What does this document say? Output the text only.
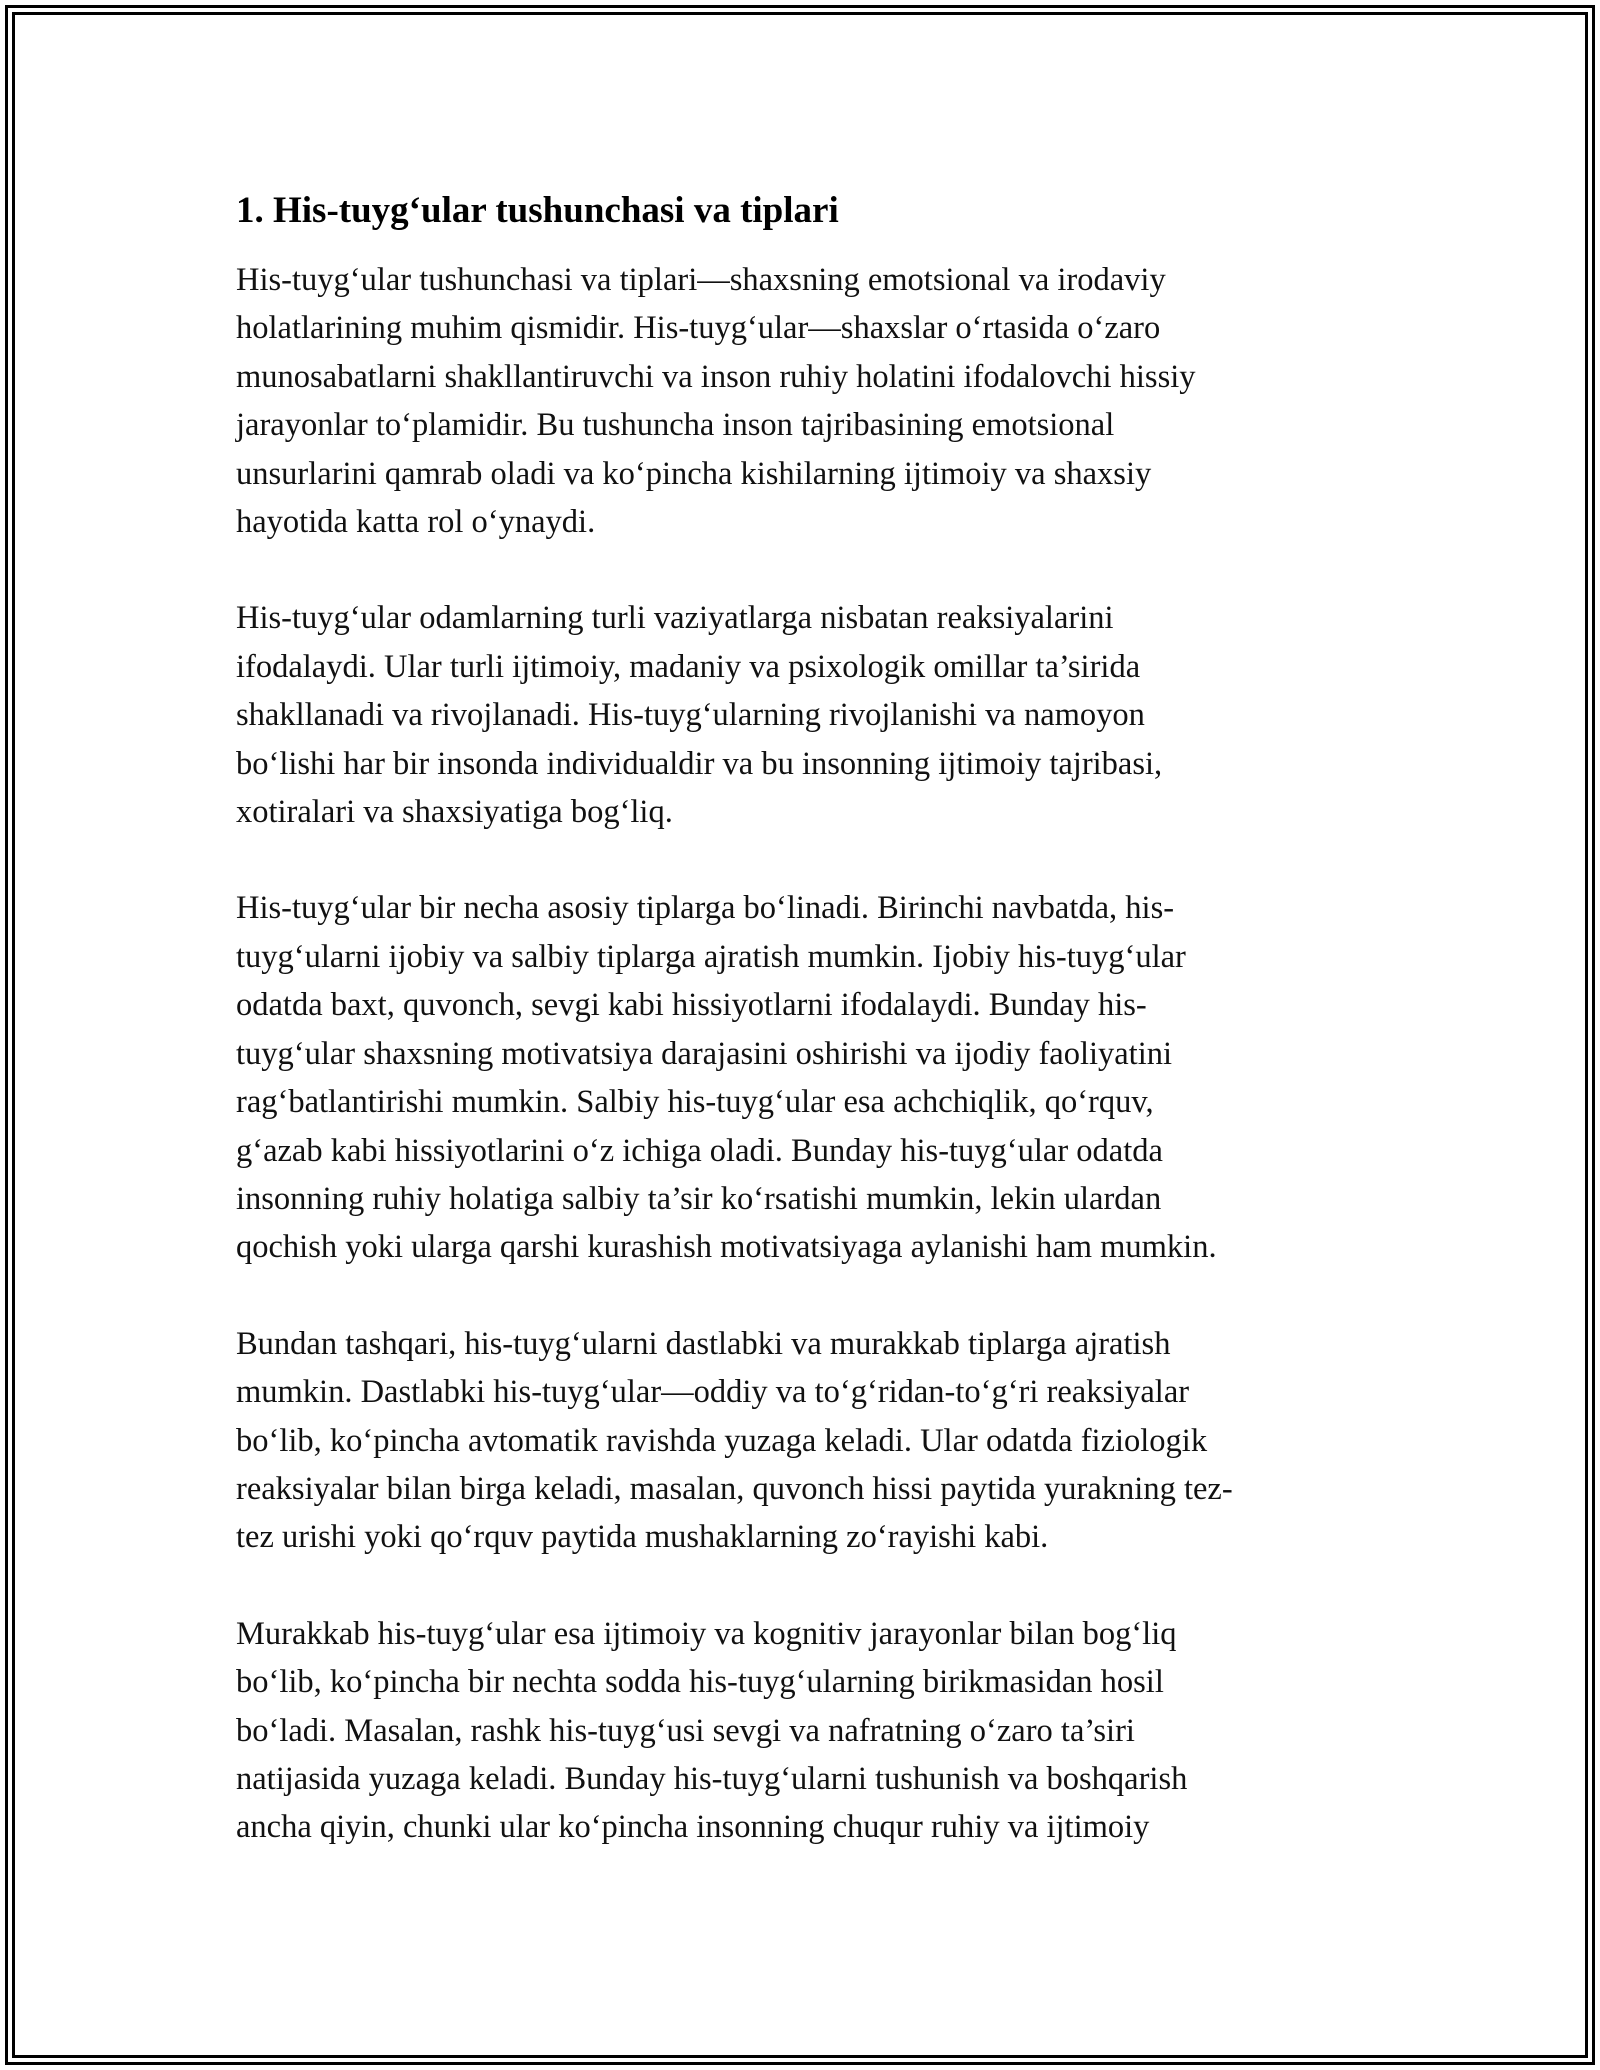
1. His-tuyg‘ular tushunchasi va tiplari
His-tuyg‘ular tushunchasi va tiplari—shaxsning emotsional va irodaviy
holatlarining muhim qismidir. His-tuyg‘ular—shaxslar o‘rtasida o‘zaro
munosabatlarni shakllantiruvchi va inson ruhiy holatini ifodalovchi hissiy
jarayonlar to‘plamidir. Bu tushuncha inson tajribasining emotsional
unsurlarini qamrab oladi va ko‘pincha kishilarning ijtimoiy va shaxsiy
hayotida katta rol o‘ynaydi.
His-tuyg‘ular odamlarning turli vaziyatlarga nisbatan reaksiyalarini
ifodalaydi. Ular turli ijtimoiy, madaniy va psixologik omillar ta’sirida
shakllanadi va rivojlanadi. His-tuyg‘ularning rivojlanishi va namoyon
bo‘lishi har bir insonda individualdir va bu insonning ijtimoiy tajribasi,
xotiralari va shaxsiyatiga bog‘liq.
His-tuyg‘ular bir necha asosiy tiplarga bo‘linadi. Birinchi navbatda, his-
tuyg‘ularni ijobiy va salbiy tiplarga ajratish mumkin. Ijobiy his-tuyg‘ular
odatda baxt, quvonch, sevgi kabi hissiyotlarni ifodalaydi. Bunday his-
tuyg‘ular shaxsning motivatsiya darajasini oshirishi va ijodiy faoliyatini
rag‘batlantirishi mumkin. Salbiy his-tuyg‘ular esa achchiqlik, qo‘rquv,
g‘azab kabi hissiyotlarini o‘z ichiga oladi. Bunday his-tuyg‘ular odatda
insonning ruhiy holatiga salbiy ta’sir ko‘rsatishi mumkin, lekin ulardan
qochish yoki ularga qarshi kurashish motivatsiyaga aylanishi ham mumkin.
Bundan tashqari, his-tuyg‘ularni dastlabki va murakkab tiplarga ajratish
mumkin. Dastlabki his-tuyg‘ular—oddiy va to‘g‘ridan-to‘g‘ri reaksiyalar
bo‘lib, ko‘pincha avtomatik ravishda yuzaga keladi. Ular odatda fiziologik
reaksiyalar bilan birga keladi, masalan, quvonch hissi paytida yurakning tez-
tez urishi yoki qo‘rquv paytida mushaklarning zo‘rayishi kabi.
Murakkab his-tuyg‘ular esa ijtimoiy va kognitiv jarayonlar bilan bog‘liq
bo‘lib, ko‘pincha bir nechta sodda his-tuyg‘ularning birikmasidan hosil
bo‘ladi. Masalan, rashk his-tuyg‘usi sevgi va nafratning o‘zaro ta’siri
natijasida yuzaga keladi. Bunday his-tuyg‘ularni tushunish va boshqarish
ancha qiyin, chunki ular ko‘pincha insonning chuqur ruhiy va ijtimoiy
